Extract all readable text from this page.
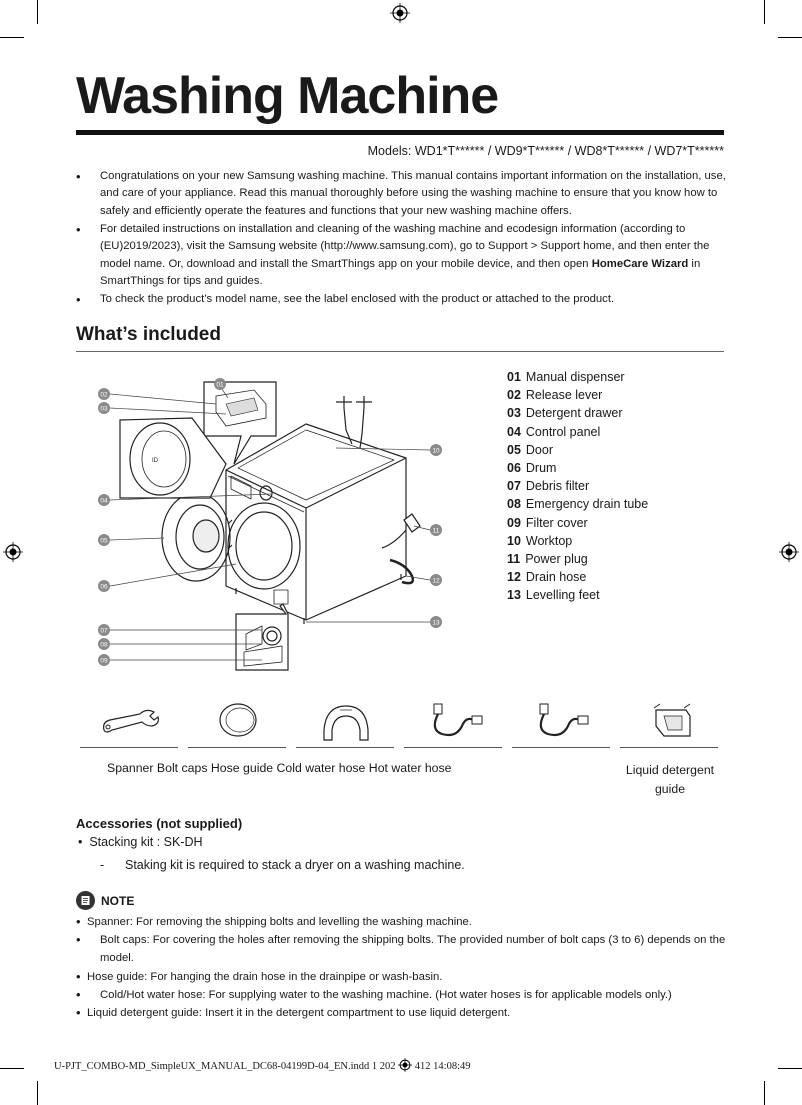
Washing Machine
Models: WD1*T****** / WD9*T****** / WD8*T****** / WD7*T******
• Congratulations on your new Samsung washing machine. This manual contains important information on the installation, use, and care of your appliance. Read this manual thoroughly before using the washing machine to ensure that you know how to safely and efficiently operate the features and functions that your new washing machine offers.
• For detailed instructions on installation and cleaning of the washing machine and ecodesign information (according to (EU)2019/2023), visit the Samsung website (http://www.samsung.com), go to Support > Support home, and then enter the model name. Or, download and install the SmartThings app on your mobile device, and then open HomeCare Wizard in SmartThings for tips and guides.
• To check the product’s model name, see the label enclosed with the product or attached to the product.
What’s included
ID
01
02
03
04
05
06
07
08
09
10
11
12
13
01 Manual dispenser
02 Release lever
03 Detergent drawer
04 Control panel
05 Door
06 Drum
07 Debris filter
08 Emergency drain tube
09 Filter cover
10 Worktop
11 Power plug
12 Drain hose
13 Levelling feet
Spanner Bolt caps Hose guide Cold water hose Hot water hose	Liquid detergent guide
Accessories (not supplied)
•  Stacking kit : SK-DH
-      Staking kit is required to stack a dryer on a washing machine.
NOTE
• Spanner: For removing the shipping bolts and levelling the washing machine.
• Bolt caps: For covering the holes after removing the shipping bolts. The provided number of bolt caps (3 to 6) depends on the model.
• Hose guide: For hanging the drain hose in the drainpipe or wash-basin.
• Cold/Hot water hose: For supplying water to the washing machine. (Hot water hoses is for applicable models only.)
• Liquid detergent guide: Insert it in the detergent compartment to use liquid detergent.
U-PJT_COMBO-MD_SimpleUX_MANUAL_DC68-04199D-04_EN.indd 1 202 412 14:08:49
